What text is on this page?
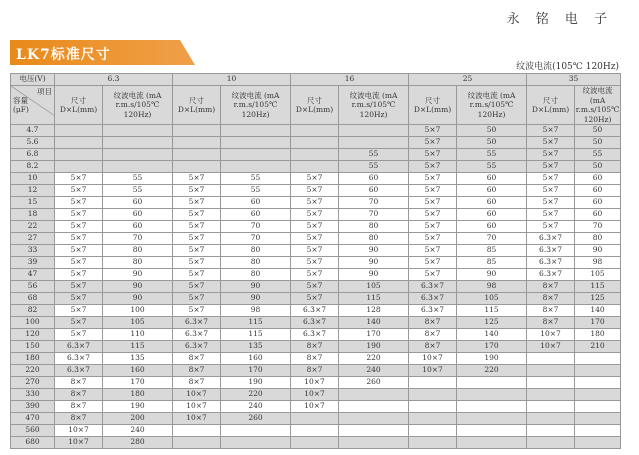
永 铭 电 子
LK7标准尺寸
纹波电流(105℃ 120Hz)
电压(V)	6.3		10		16		25		35	

项目
容量
(μF)	尺寸 D×L(mm)	纹波电流 (mA r.m.s/105℃ 120Hz)	尺寸 D×L(mm)	纹波电流 (mA r.m.s/105℃ 120Hz)	尺寸 D×L(mm)	纹波电流 (mA r.m.s/105℃ 120Hz)	尺寸 D×L(mm)	纹波电流 (mA r.m.s/105℃ 120Hz)	尺寸 D×L(mm)	纹波电流 (mA r.m.s/105℃ 120Hz)
4.7							5×7	50	5×7	50
5.6							5×7	50	5×7	50
6.8						55	5×7	55	5×7	55
8.2						55	5×7	55	5×7	50
10	5×7	55	5×7	55	5×7	60	5×7	60	5×7	60
12	5×7	55	5×7	55	5×7	60	5×7	60	5×7	60
15	5×7	60	5×7	60	5×7	70	5×7	60	5×7	60
18	5×7	60	5×7	60	5×7	70	5×7	60	5×7	60
22	5×7	60	5×7	70	5×7	80	5×7	60	5×7	70
27	5×7	70	5×7	70	5×7	80	5×7	70	6.3×7	80
33	5×7	80	5×7	80	5×7	90	5×7	85	6.3×7	90
39	5×7	80	5×7	80	5×7	90	5×7	85	6.3×7	98
47	5×7	90	5×7	80	5×7	90	5×7	90	6.3×7	105
56	5×7	90	5×7	90	5×7	105	6.3×7	98	8×7	115
68	5×7	90	5×7	90	5×7	115	6.3×7	105	8×7	125
82	5×7	100	5×7	98	6.3×7	128	6.3×7	115	8×7	140
100	5×7	105	6.3×7	115	6.3×7	140	8×7	125	8×7	170
120	5×7	110	6.3×7	115	6.3×7	170	8×7	140	10×7	180
150	6.3×7	115	6.3×7	135	8×7	190	8×7	170	10×7	210
180	6.3×7	135	8×7	160	8×7	220	10×7	190		
220	6.3×7	160	8×7	170	8×7	240	10×7	220		
270	8×7	170	8×7	190	10×7	260				
330	8×7	180	10×7	220	10×7					
390	8×7	190	10×7	240	10×7					
470	8×7	200	10×7	260						
560	10×7	240								
680	10×7	280								
